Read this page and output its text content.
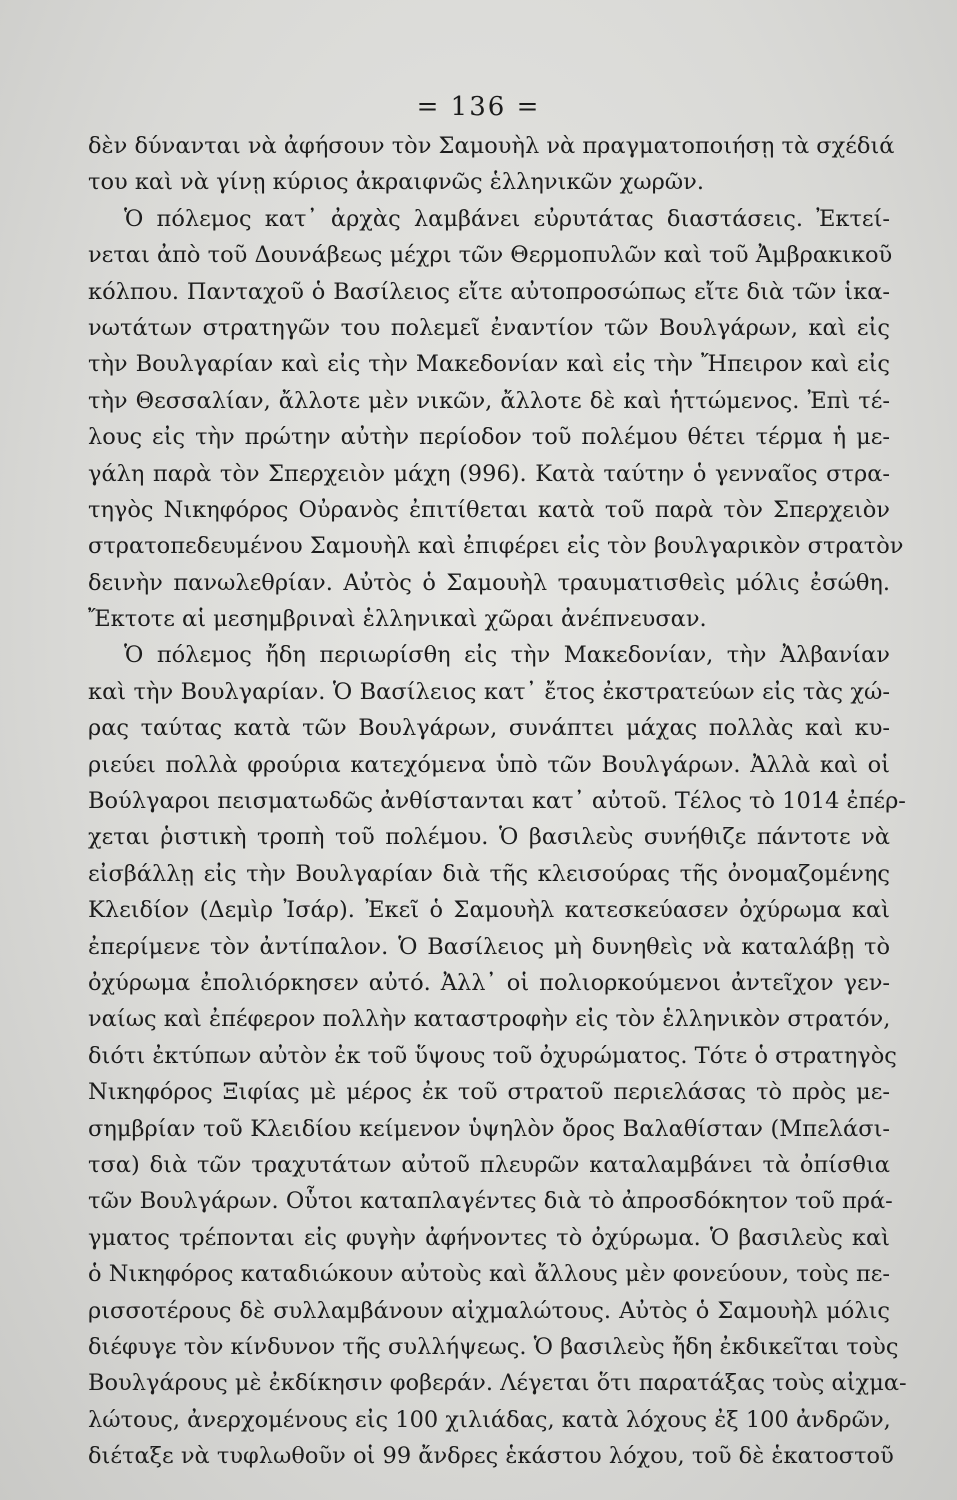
= 136 =
δὲν δύνανται νὰ ἀφήσουν τὸν Σαμουὴλ νὰ πραγματοποιήσῃ τὰ σχέδιά
του καὶ νὰ γίνῃ κύριος ἀκραιφνῶς ἑλληνικῶν χωρῶν.
Ὁ πόλεμος κατ᾽ ἀρχὰς λαμβάνει εὐρυτάτας διαστάσεις. Ἐκτεί-
νεται ἀπὸ τοῦ Δουνάβεως μέχρι τῶν Θερμοπυλῶν καὶ τοῦ Ἀμβρακικοῦ
κόλπου. Πανταχοῦ ὁ Βασίλειος εἴτε αὐτοπροσώπως εἴτε διὰ τῶν ἱκα-
νωτάτων στρατηγῶν του πολεμεῖ ἐναντίον τῶν Βουλγάρων, καὶ εἰς
τὴν Βουλγαρίαν καὶ εἰς τὴν Μακεδονίαν καὶ εἰς τὴν Ἤπειρον καὶ εἰς
τὴν Θεσσαλίαν, ἄλλοτε μὲν νικῶν, ἄλλοτε δὲ καὶ ἡττώμενος. Ἐπὶ τέ-
λους εἰς τὴν πρώτην αὐτὴν περίοδον τοῦ πολέμου θέτει τέρμα ἡ με-
γάλη παρὰ τὸν Σπερχειὸν μάχη (996). Κατὰ ταύτην ὁ γενναῖος στρα-
τηγὸς Νικηφόρος Οὐρανὸς ἐπιτίθεται κατὰ τοῦ παρὰ τὸν Σπερχειὸν
στρατοπεδευμένου Σαμουὴλ καὶ ἐπιφέρει εἰς τὸν βουλγαρικὸν στρατὸν
δεινὴν πανωλεθρίαν. Αὐτὸς ὁ Σαμουὴλ τραυματισθεὶς μόλις ἐσώθη.
Ἔκτοτε αἱ μεσημβριναὶ ἑλληνικαὶ χῶραι ἀνέπνευσαν.
Ὁ πόλεμος ἤδη περιωρίσθη εἰς τὴν Μακεδονίαν, τὴν Ἀλβανίαν
καὶ τὴν Βουλγαρίαν. Ὁ Βασίλειος κατ᾽ ἔτος ἐκστρατεύων εἰς τὰς χώ-
ρας ταύτας κατὰ τῶν Βουλγάρων, συνάπτει μάχας πολλὰς καὶ κυ-
ριεύει πολλὰ φρούρια κατεχόμενα ὑπὸ τῶν Βουλγάρων. Ἀλλὰ καὶ οἱ
Βούλγαροι πεισματωδῶς ἀνθίστανται κατ᾽ αὐτοῦ. Τέλος τὸ 1014 ἐπέρ-
χεται ῥιστικὴ τροπὴ τοῦ πολέμου. Ὁ βασιλεὺς συνήθιζε πάντοτε νὰ
εἰσβάλλῃ εἰς τὴν Βουλγαρίαν διὰ τῆς κλεισούρας τῆς ὀνομαζομένης
Κλειδίον (Δεμὶρ Ἰσάρ). Ἐκεῖ ὁ Σαμουὴλ κατεσκεύασεν ὀχύρωμα καὶ
ἐπερίμενε τὸν ἀντίπαλον. Ὁ Βασίλειος μὴ δυνηθεὶς νὰ καταλάβῃ τὸ
ὀχύρωμα ἐπολιόρκησεν αὐτό. Ἀλλ᾽ οἱ πολιορκούμενοι ἀντεῖχον γεν-
ναίως καὶ ἐπέφερον πολλὴν καταστροφὴν εἰς τὸν ἑλληνικὸν στρατόν,
διότι ἐκτύπων αὐτὸν ἐκ τοῦ ὕψους τοῦ ὀχυρώματος. Τότε ὁ στρατηγὸς
Νικηφόρος Ξιφίας μὲ μέρος ἐκ τοῦ στρατοῦ περιελάσας τὸ πρὸς με-
σημβρίαν τοῦ Κλειδίου κείμενον ὑψηλὸν ὄρος Βαλαθίσταν (Μπελάσι-
τσα) διὰ τῶν τραχυτάτων αὐτοῦ πλευρῶν καταλαμβάνει τὰ ὀπίσθια
τῶν Βουλγάρων. Οὗτοι καταπλαγέντες διὰ τὸ ἀπροσδόκητον τοῦ πρά-
γματος τρέπονται εἰς φυγὴν ἀφήνοντες τὸ ὀχύρωμα. Ὁ βασιλεὺς καὶ
ὁ Νικηφόρος καταδιώκουν αὐτοὺς καὶ ἄλλους μὲν φονεύουν, τοὺς πε-
ρισσοτέρους δὲ συλλαμβάνουν αἰχμαλώτους. Αὐτὸς ὁ Σαμουὴλ μόλις
διέφυγε τὸν κίνδυνον τῆς συλλήψεως. Ὁ βασιλεὺς ἤδη ἐκδικεῖται τοὺς
Βουλγάρους μὲ ἐκδίκησιν φοβεράν. Λέγεται ὅτι παρατάξας τοὺς αἰχμα-
λώτους, ἀνερχομένους εἰς 100 χιλιάδας, κατὰ λόχους ἐξ 100 ἀνδρῶν,
διέταξε νὰ τυφλωθοῦν οἱ 99 ἄνδρες ἑκάστου λόχου, τοῦ δὲ ἑκατοστοῦ
